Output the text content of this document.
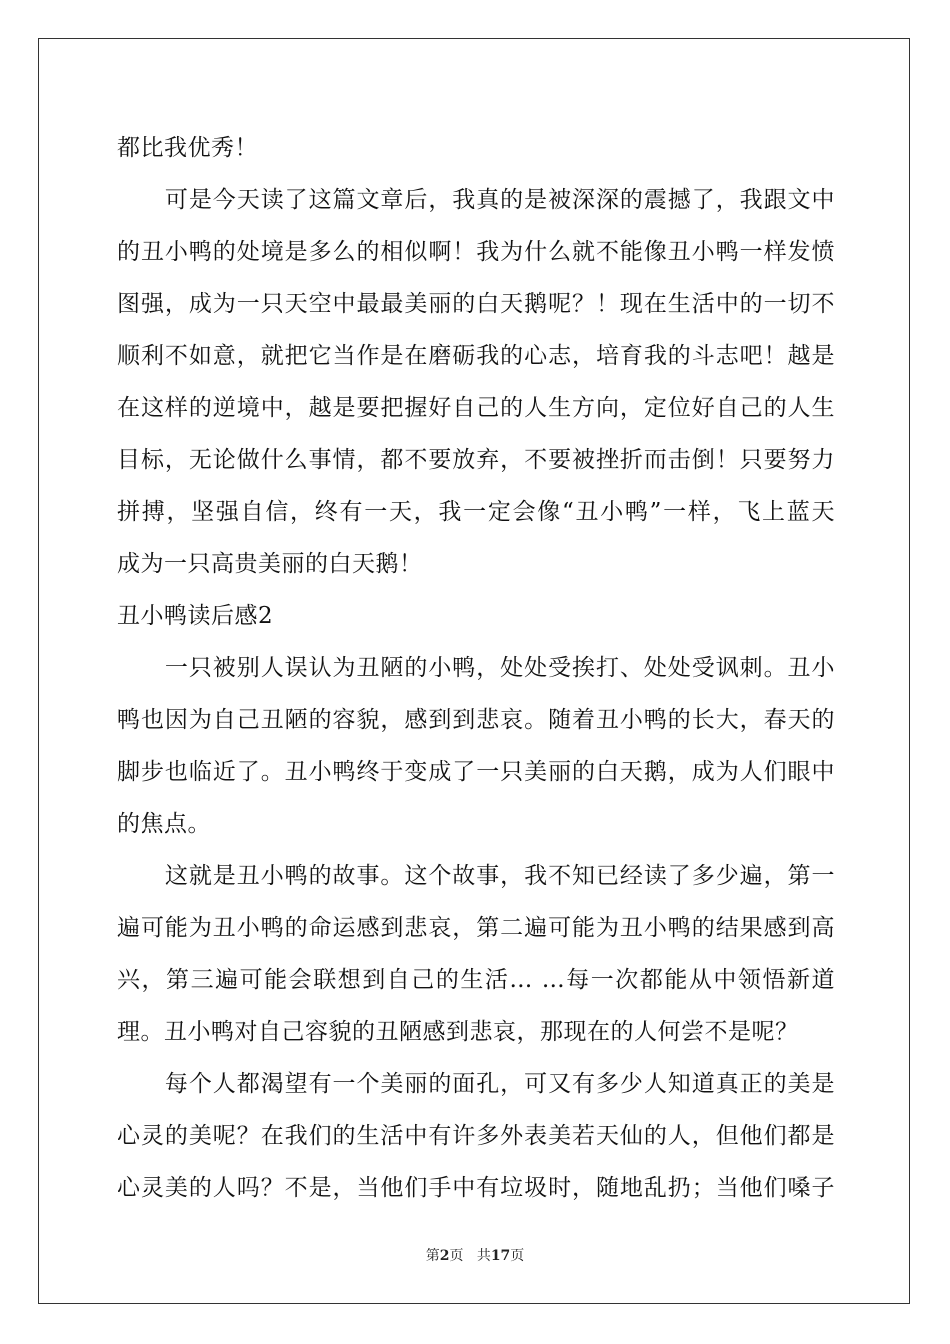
都比我优秀！
　　可是今天读了这篇文章后，我真的是被深深的震撼了，我跟文中
的丑小鸭的处境是多么的相似啊！我为什么就不能像丑小鸭一样发愤
图强，成为一只天空中最最美丽的白天鹅呢？！现在生活中的一切不
顺利不如意，就把它当作是在磨砺我的心志，培育我的斗志吧！越是
在这样的逆境中，越是要把握好自己的人生方向，定位好自己的人生
目标，无论做什么事情，都不要放弃，不要被挫折而击倒！只要努力
拼搏，坚强自信，终有一天，我一定会像“丑小鸭”一样，飞上蓝天
成为一只高贵美丽的白天鹅！
丑小鸭读后感2
　　一只被别人误认为丑陋的小鸭，处处受挨打、处处受讽刺。丑小
鸭也因为自己丑陋的容貌，感到到悲哀。随着丑小鸭的长大，春天的
脚步也临近了。丑小鸭终于变成了一只美丽的白天鹅，成为人们眼中
的焦点。
　　这就是丑小鸭的故事。这个故事，我不知已经读了多少遍，第一
遍可能为丑小鸭的命运感到悲哀，第二遍可能为丑小鸭的结果感到高
兴，第三遍可能会联想到自己的生活… …每一次都能从中领悟新道
理。丑小鸭对自己容貌的丑陋感到悲哀，那现在的人何尝不是呢？
　　每个人都渴望有一个美丽的面孔，可又有多少人知道真正的美是
心灵的美呢？在我们的生活中有许多外表美若天仙的人，但他们都是
心灵美的人吗？不是，当他们手中有垃圾时，随地乱扔；当他们嗓子
第2页 共17页
